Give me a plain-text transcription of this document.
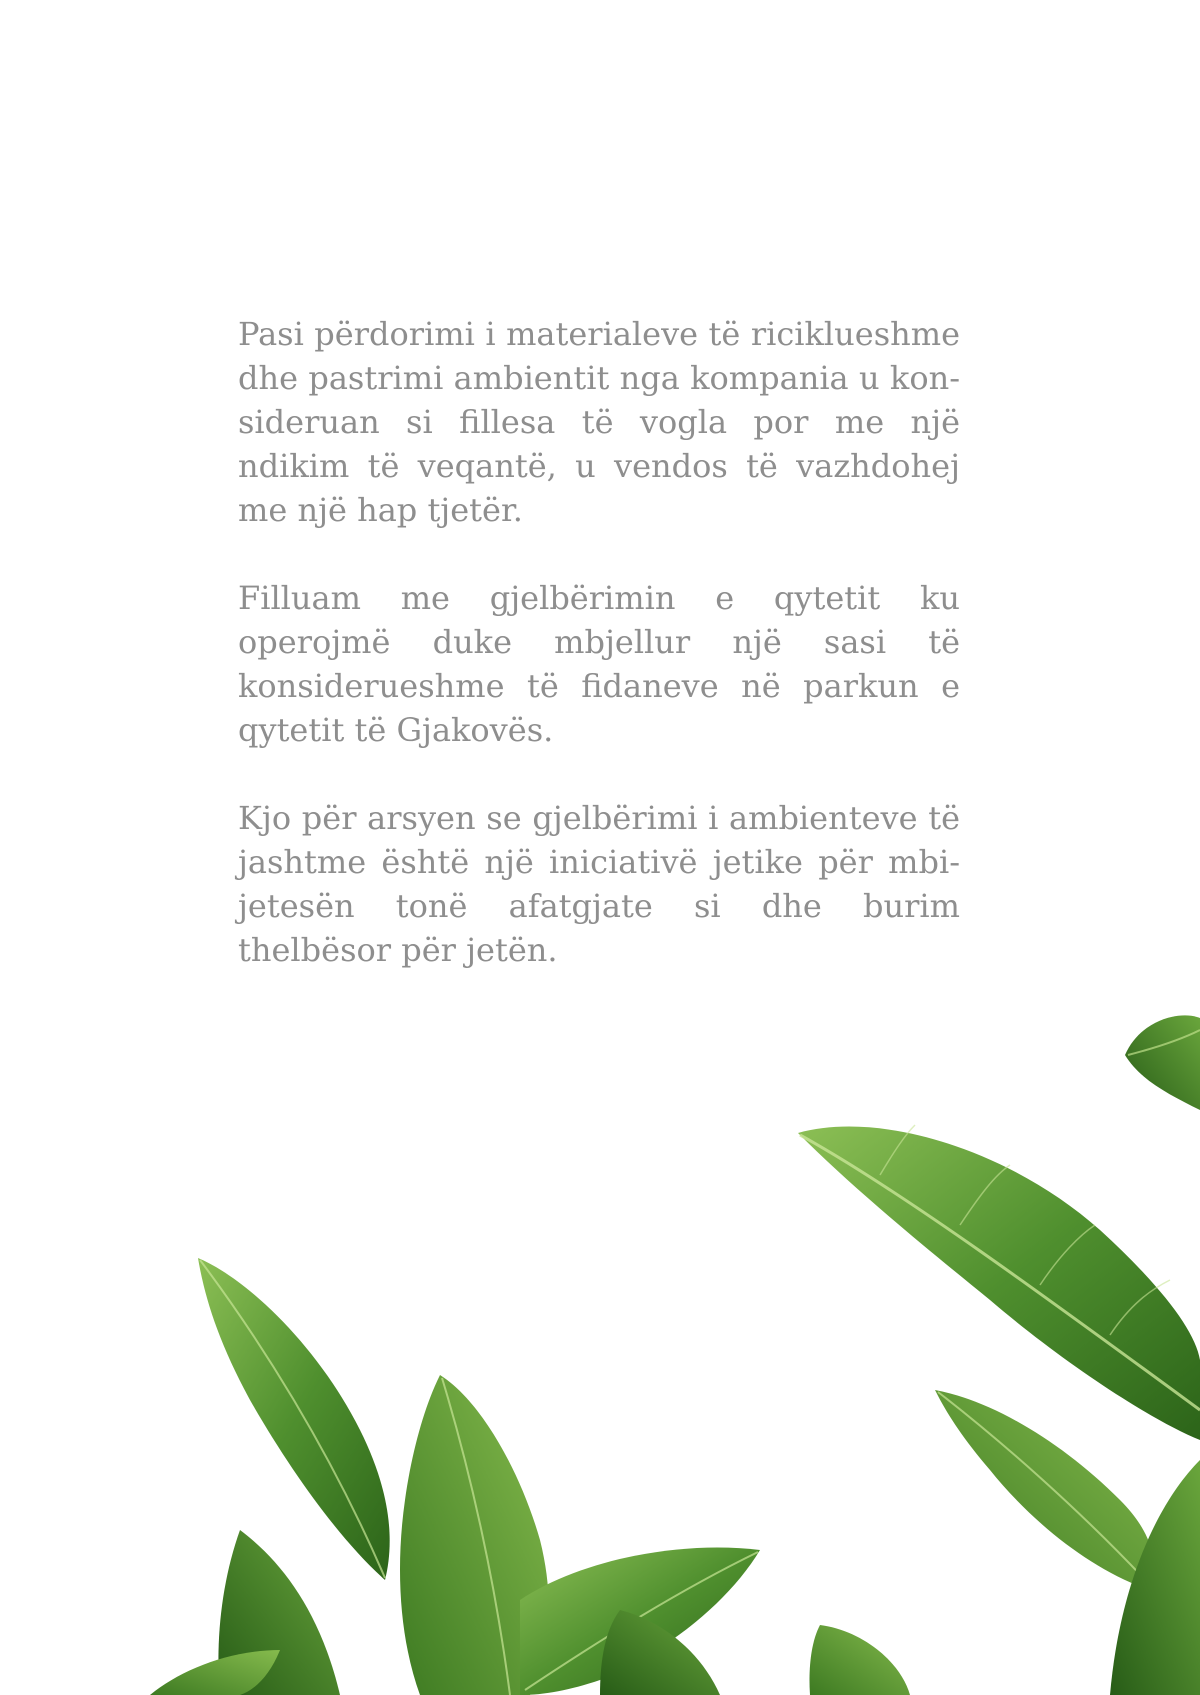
Pasi përdorimi i materialeve të riciklueshme dhe pastrimi ambientit nga kompania u konsideruan si fillesa të vogla por me një ndikim të veqantë, u vendos të vazhdohej me një hap tjetër.

Filluam me gjelbërimin e qytetit ku operojmë duke mbjellur një sasi të konsiderueshme të fidaneve në parkun e qytetit të Gjakovës.

Kjo për arsyen se gjelbërimi i ambienteve të jashtme është një iniciativë jetike për mbijetesën tonë afatgjate si dhe burim thelbësor për jetën.
